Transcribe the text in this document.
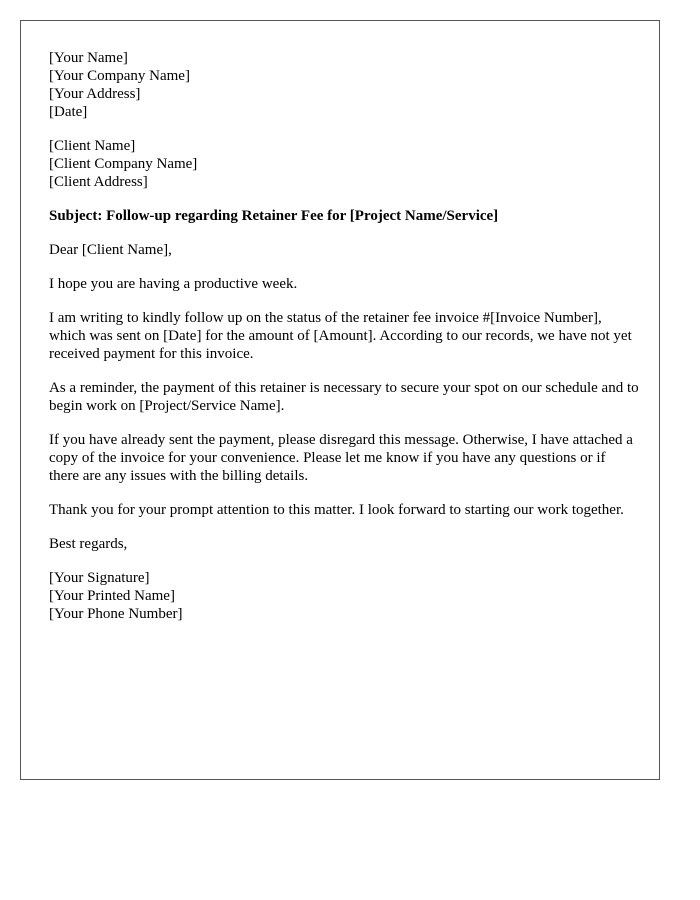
[Your Name]
[Your Company Name]
[Your Address]
[Date]
[Client Name]
[Client Company Name]
[Client Address]

Subject: Follow-up regarding Retainer Fee for [Project Name/Service]

Dear [Client Name],

I hope you are having a productive week.

I am writing to kindly follow up on the status of the retainer fee invoice #[Invoice Number], which was sent on [Date] for the amount of [Amount]. According to our records, we have not yet received payment for this invoice.

As a reminder, the payment of this retainer is necessary to secure your spot on our schedule and to begin work on [Project/Service Name].

If you have already sent the payment, please disregard this message. Otherwise, I have attached a copy of the invoice for your convenience. Please let me know if you have any questions or if there are any issues with the billing details.

Thank you for your prompt attention to this matter. I look forward to starting our work together.

Best regards,

[Your Signature]
[Your Printed Name]
[Your Phone Number]
